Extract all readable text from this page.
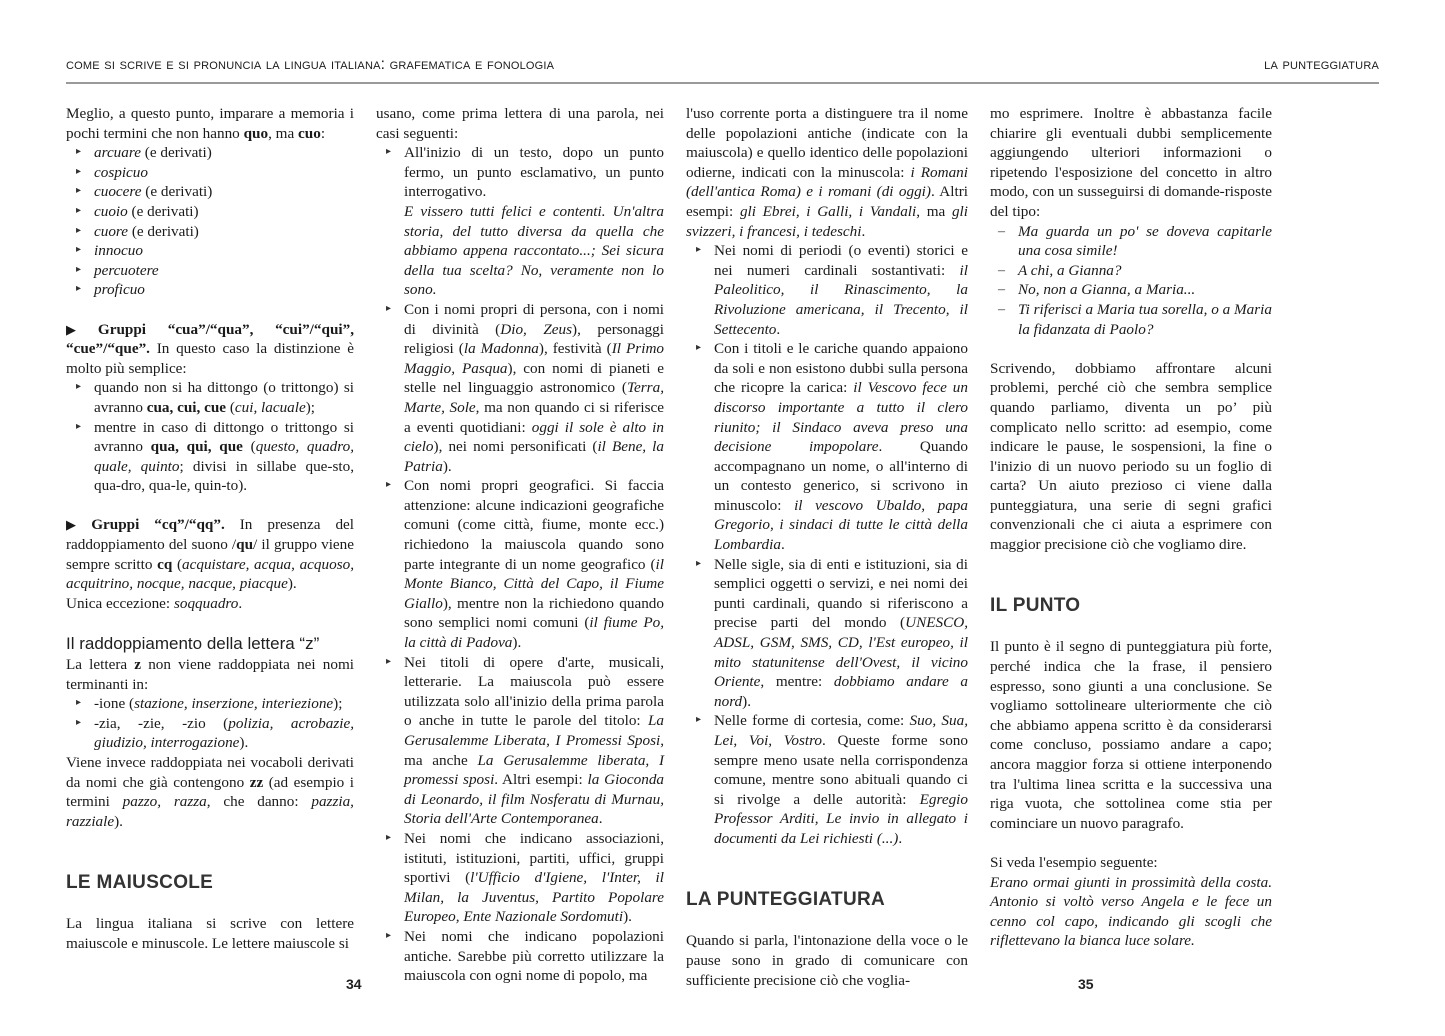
come si scrive e si pronuncia la lingua italiana: grafematica e fonologia	la punteggiatura

Meglio, a questo punto, imparare a memoria i pochi termini che non hanno quo, ma cuo:

▸ arcuare (e derivati)
▸ cospicuo
▸ cuocere (e derivati)
▸ cuoio (e derivati)
▸ cuore (e derivati)
▸ innocuo
▸ percuotere
▸ proficuo

▶ Gruppi “cua”/“qua”, “cui”/“qui”, “cue”/“que”. In questo caso la distinzione è molto più semplice:

▸ quando non si ha dittongo (o trittongo) si avranno cua, cui, cue (cui, lacuale);
▸ mentre in caso di dittongo o trittongo si avranno qua, qui, que (questo, quadro, quale, quinto; divisi in sillabe que-sto, qua-dro, qua-le, quin-to).

▶ Gruppi “cq”/“qq”. In presenza del raddoppiamento del suono /qu/ il gruppo viene sempre scritto cq (acquistare, acqua, acquoso, acquitrino, nocque, nacque, piacque).

Unica eccezione: soqquadro.

Il raddoppiamento della lettera “z”

La lettera z non viene raddoppiata nei nomi terminanti in:

▸ -ione (stazione, inserzione, interiezione);
▸ -zia, -zie, -zio (polizia, acrobazie, giudizio, interrogazione).

Viene invece raddoppiata nei vocaboli derivati da nomi che già contengono zz (ad esempio i termini pazzo, razza, che danno: pazzia, razziale).

LE MAIUSCOLE

La lingua italiana si scrive con lettere maiuscole e minuscole. Le lettere maiuscole si

usano, come prima lettera di una parola, nei casi seguenti:

▸ All'inizio di un testo, dopo un punto fermo, un punto esclamativo, un punto interrogativo.
E vissero tutti felici e contenti. Un'altra storia, del tutto diversa da quella che abbiamo appena raccontato...; Sei sicura della tua scelta? No, veramente non lo sono.
▸ Con i nomi propri di persona, con i nomi di divinità (Dio, Zeus), personaggi religiosi (la Madonna), festività (Il Primo Maggio, Pasqua), con nomi di pianeti e stelle nel linguaggio astronomico (Terra, Marte, Sole, ma non quando ci si riferisce a eventi quotidiani: oggi il sole è alto in cielo), nei nomi personificati (il Bene, la Patria).
▸ Con nomi propri geografici. Si faccia attenzione: alcune indicazioni geografiche comuni (come città, fiume, monte ecc.) richiedono la maiuscola quando sono parte integrante di un nome geografico (il Monte Bianco, Città del Capo, il Fiume Giallo), mentre non la richiedono quando sono semplici nomi comuni (il fiume Po, la città di Padova).
▸ Nei titoli di opere d'arte, musicali, letterarie. La maiuscola può essere utilizzata solo all'inizio della prima parola o anche in tutte le parole del titolo: La Gerusalemme Liberata, I Promessi Sposi, ma anche La Gerusalemme liberata, I promessi sposi. Altri esempi: la Gioconda di Leonardo, il film Nosferatu di Murnau, Storia dell'Arte Contemporanea.
▸ Nei nomi che indicano associazioni, istituti, istituzioni, partiti, uffici, gruppi sportivi (l'Ufficio d'Igiene, l'Inter, il Milan, la Juventus, Partito Popolare Europeo, Ente Nazionale Sordomuti).
▸ Nei nomi che indicano popolazioni antiche. Sarebbe più corretto utilizzare la maiuscola con ogni nome di popolo, ma

l'uso corrente porta a distinguere tra il nome delle popolazioni antiche (indicate con la maiuscola) e quello identico delle popolazioni odierne, indicati con la minuscola: i Romani (dell'antica Roma) e i romani (di oggi). Altri esempi: gli Ebrei, i Galli, i Vandali, ma gli svizzeri, i francesi, i tedeschi.

▸ Nei nomi di periodi (o eventi) storici e nei numeri cardinali sostantivati: il Paleolitico, il Rinascimento, la Rivoluzione americana, il Trecento, il Settecento.
▸ Con i titoli e le cariche quando appaiono da soli e non esistono dubbi sulla persona che ricopre la carica: il Vescovo fece un discorso importante a tutto il clero riunito; il Sindaco aveva preso una decisione impopolare. Quando accompagnano un nome, o all'interno di un contesto generico, si scrivono in minuscolo: il vescovo Ubaldo, papa Gregorio, i sindaci di tutte le città della Lombardia.
▸ Nelle sigle, sia di enti e istituzioni, sia di semplici oggetti o servizi, e nei nomi dei punti cardinali, quando si riferiscono a precise parti del mondo (UNESCO, ADSL, GSM, SMS, CD, l'Est europeo, il mito statunitense dell'Ovest, il vicino Oriente, mentre: dobbiamo andare a nord).
▸ Nelle forme di cortesia, come: Suo, Sua, Lei, Voi, Vostro. Queste forme sono sempre meno usate nella corrispondenza comune, mentre sono abituali quando ci si rivolge a delle autorità: Egregio Professor Arditi, Le invio in allegato i documenti da Lei richiesti (...).
LA PUNTEGGIATURA

Quando si parla, l'intonazione della voce o le pause sono in grado di comunicare con sufficiente precisione ciò che voglia-

mo esprimere. Inoltre è abbastanza facile chiarire gli eventuali dubbi semplicemente aggiungendo ulteriori informazioni o ripetendo l'esposizione del concetto in altro modo, con un susseguirsi di domande-risposte del tipo:

– Ma guarda un po' se doveva capitarle una cosa simile!
– A chi, a Gianna?
– No, non a Gianna, a Maria...
– Ti riferisci a Maria tua sorella, o a Maria la fidanzata di Paolo?

Scrivendo, dobbiamo affrontare alcuni problemi, perché ciò che sembra semplice quando parliamo, diventa un po’ più complicato nello scritto: ad esempio, come indicare le pause, le sospensioni, la fine o l'inizio di un nuovo periodo su un foglio di carta? Un aiuto prezioso ci viene dalla punteggiatura, una serie di segni grafici convenzionali che ci aiuta a esprimere con maggior precisione ciò che vogliamo dire.

IL PUNTO

Il punto è il segno di punteggiatura più forte, perché indica che la frase, il pensiero espresso, sono giunti a una conclusione. Se vogliamo sottolineare ulteriormente che ciò che abbiamo appena scritto è da considerarsi come concluso, possiamo andare a capo; ancora maggior forza si ottiene interponendo tra l'ultima linea scritta e la successiva una riga vuota, che sottolinea come stia per cominciare un nuovo paragrafo.

Si veda l'esempio seguente:

Erano ormai giunti in prossimità della costa. Antonio si voltò verso Angela e le fece un cenno col capo, indicando gli scogli che riflettevano la bianca luce solare.

34	35
